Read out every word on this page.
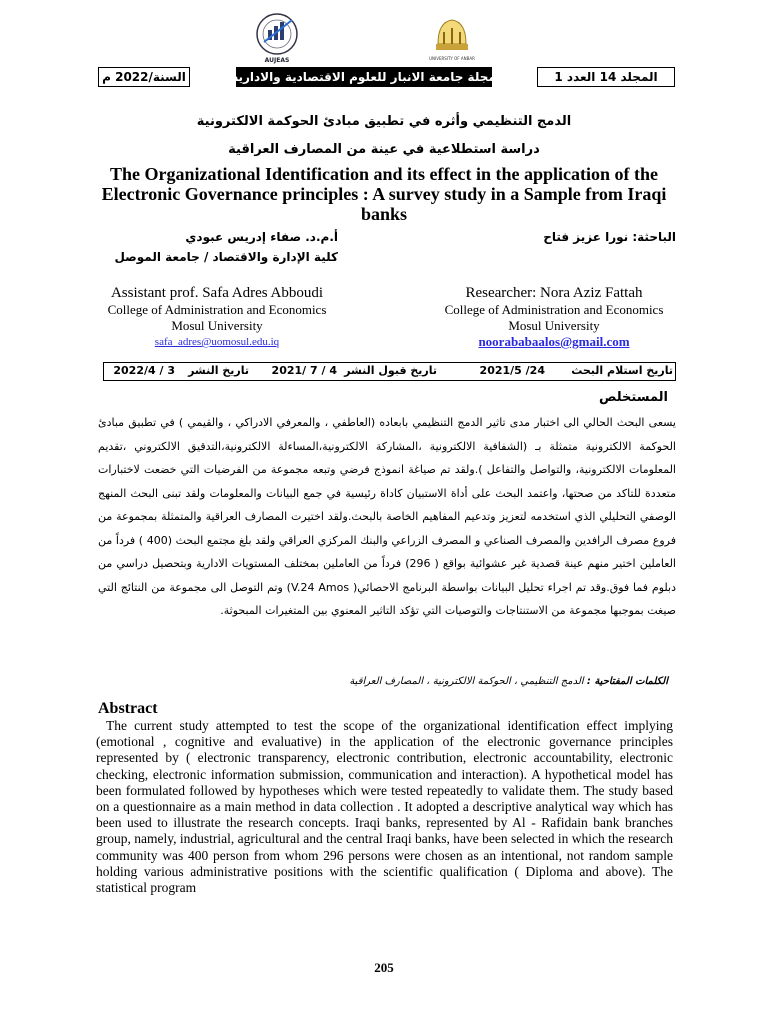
AUJEAS	UNIVERSITY OF ANBAR
السنة/2022 م	مجلة جامعة الانبار للعلوم الاقتصادية والادارية	المجلد 14 العدد 1
الدمج التنظيمي وأثره في تطبيق مبادئ الحوكمة الالكترونية
دراسة استطلاعية في عينة من المصارف العراقية
The Organizational Identification and its effect in the application of the Electronic Governance principles : A survey study in a Sample from Iraqi banks
الباحثة: نورا عزيز فتاح
أ.م.د. صفاء إدريس عبودي
كلية الإدارة والاقتصاد / جامعة الموصل
Assistant prof. Safa Adres Abboudi
College of Administration and Economics
Mosul University
safa_adres@uomosul.edu.iq
Researcher: Nora Aziz Fattah
College of Administration and Economics
Mosul University
noorababaalos@gmail.com
تاريخ استلام البحث
2021/5 /24
تاريخ قبول النشر
2021/ 7 / 4
تاريخ النشر
2022/4 / 3
المستخلص
يسعى البحث الحالي الى اختبار مدى تاثير الدمج التنظيمي بابعاده (العاطفي ، والمعرفي الادراكي ، والقيمي ) في تطبيق مبادئ الحوكمة الالكترونية متمثلة بـ (الشفافية الالكترونية ،المشاركة الالكترونية،المساءلة الالكترونية،التدقيق الالكتروني ،تقديم المعلومات الالكترونية، والتواصل والتفاعل ).ولقد تم صياغة انموذج فرضي وتبعه مجموعة من الفرضيات التي خضعت لاختبارات متعددة للتاكد من صحتها، واعتمد البحث على أداة الاستبيان كاداة رئيسية في جمع البيانات والمعلومات ولقد تبنى البحث المنهج الوصفي التحليلي الذي استخدمه لتعزيز وتدعيم المفاهيم الخاصة بالبحث.ولقد اختيرت المصارف العراقية والمتمثلة بمجموعة من فروع مصرف الرافدين والمصرف الصناعي و المصرف الزراعي والبنك المركزي العراقي ولقد بلغ مجتمع البحث (400 ) فرداً من العاملين اختير منهم عينة قصدية غير عشوائية بواقع ( 296) فرداً من العاملين بمختلف المستويات الادارية وبتحصيل دراسي من دبلوم فما فوق.وقد تم اجراء تحليل البيانات بواسطة البرنامج الاحصائي( V.24 Amos) وتم التوصل الى مجموعة من النتائج التي صيغت بموجبها مجموعة من الاستنتاجات والتوصيات التي تؤكد التاثير المعنوي بين المتغيرات المبحوثة.
الكلمات المفتاحية : الدمج التنظيمي ، الحوكمة الالكترونية ، المصارف العراقية
Abstract
The current study attempted to test the scope of the organizational identification effect implying (emotional , cognitive and evaluative) in the application of the electronic governance principles represented by ( electronic transparency, electronic contribution, electronic accountability, electronic checking, electronic information submission, communication and interaction). A hypothetical model has been formulated followed by hypotheses which were tested repeatedly to validate them. The study based on a questionnaire as a main method in data collection . It adopted a descriptive analytical way which has been used to illustrate the research concepts. Iraqi banks, represented by Al - Rafidain bank branches group, namely, industrial, agricultural and the central Iraqi banks, have been selected in which the research community was 400 person from whom 296 persons were chosen as an intentional, not random sample holding various administrative positions with the scientific qualification ( Diploma and above). The statistical program
205
